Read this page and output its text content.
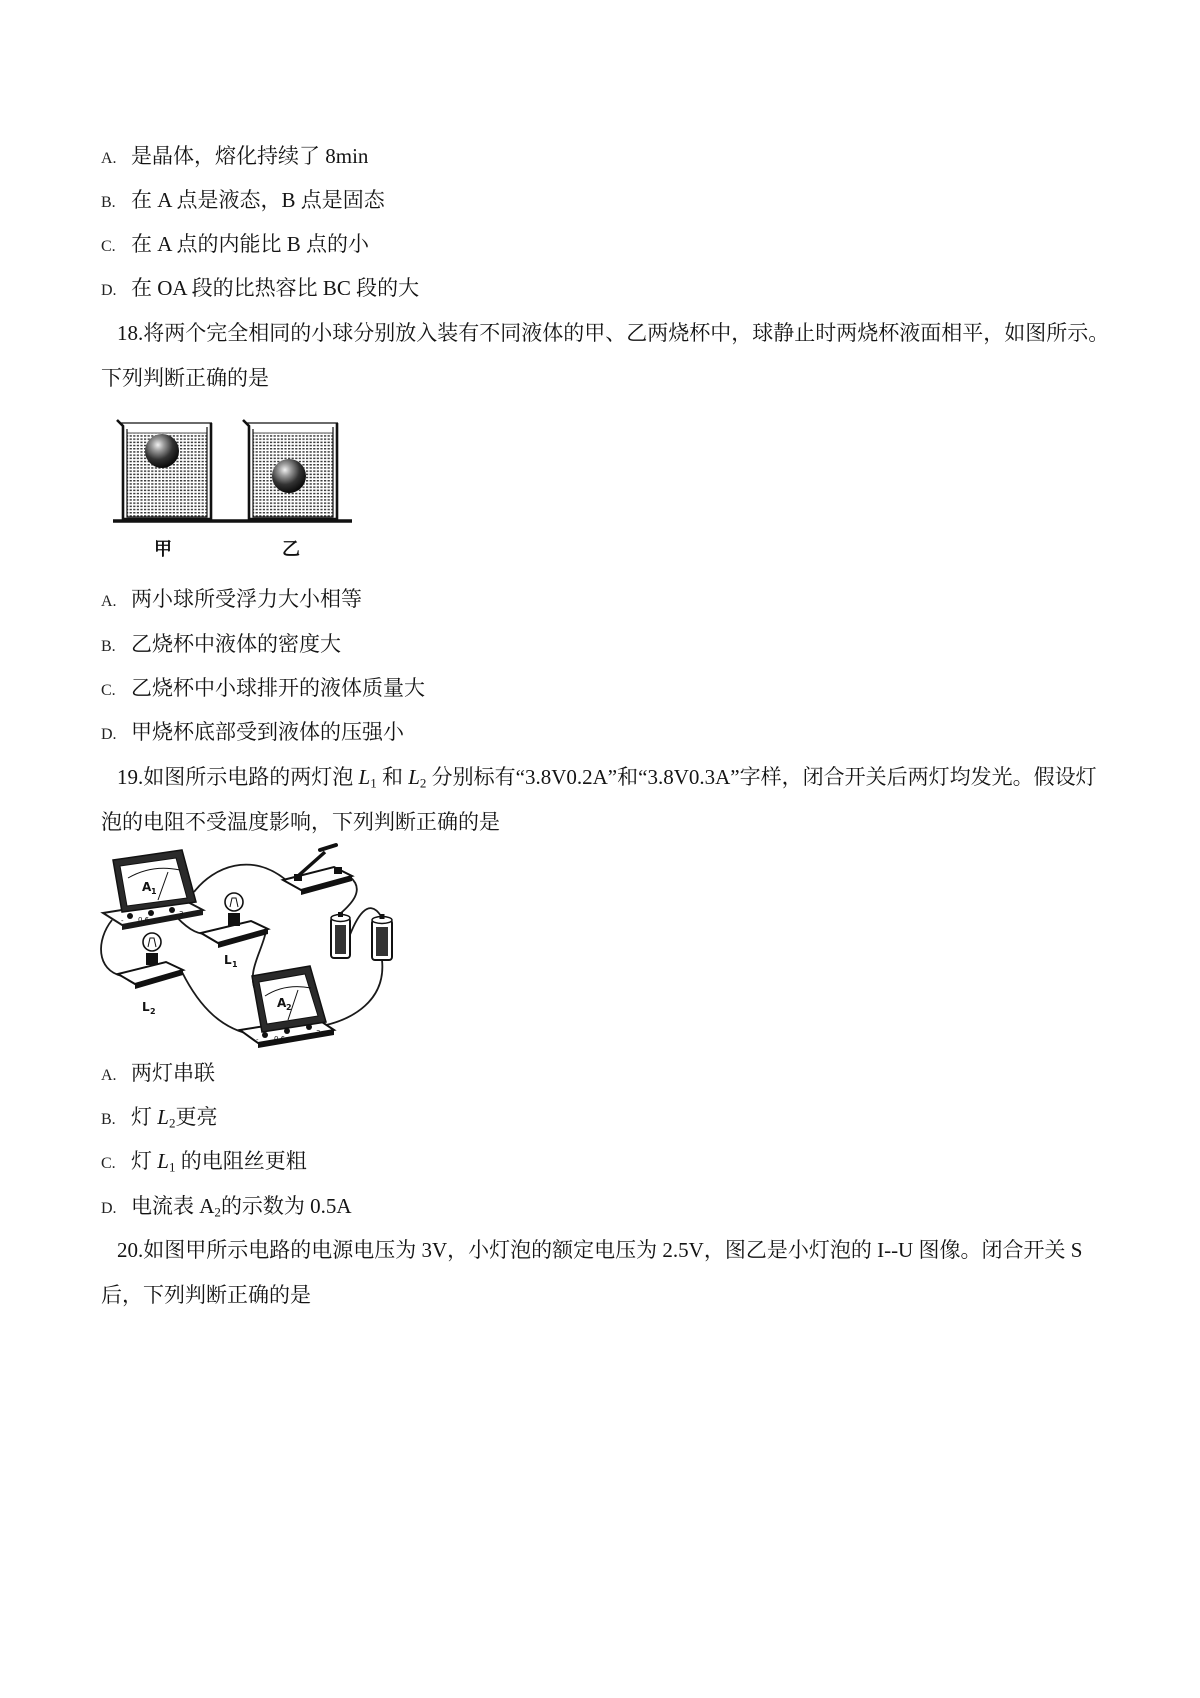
A. 是晶体，熔化持续了 8min
B. 在 A 点是液态，B 点是固态
C. 在 A 点的内能比 B 点的小
D. 在 OA 段的比热容比 BC 段的大
18.将两个完全相同的小球分别放入装有不同液体的甲、乙两烧杯中，球静止时两烧杯液面相平，如图所示。
下列判断正确的是
甲	乙
A. 两小球所受浮力大小相等
B. 乙烧杯中液体的密度大
C. 乙烧杯中小球排开的液体质量大
D. 甲烧杯底部受到液体的压强小
19.如图所示电路的两灯泡 $L_1$ 和 $L_2$ 分别标有“3.8V0.2A”和“3.8V0.3A”字样，闭合开关后两灯均发光。假设灯
泡的电阻不受温度影响，下列判断正确的是
A 1
- 0.6
3
L 1
L 2
A 2
- 0.6
3
A. 两灯串联
B. 灯 $L_2$更亮
C. 灯 $L_1$ 的电阻丝更粗
D. 电流表 $A_2$的示数为 0.5A
20.如图甲所示电路的电源电压为 3V，小灯泡的额定电压为 2.5V，图乙是小灯泡的 I--U 图像。闭合开关 S
后，下列判断正确的是
